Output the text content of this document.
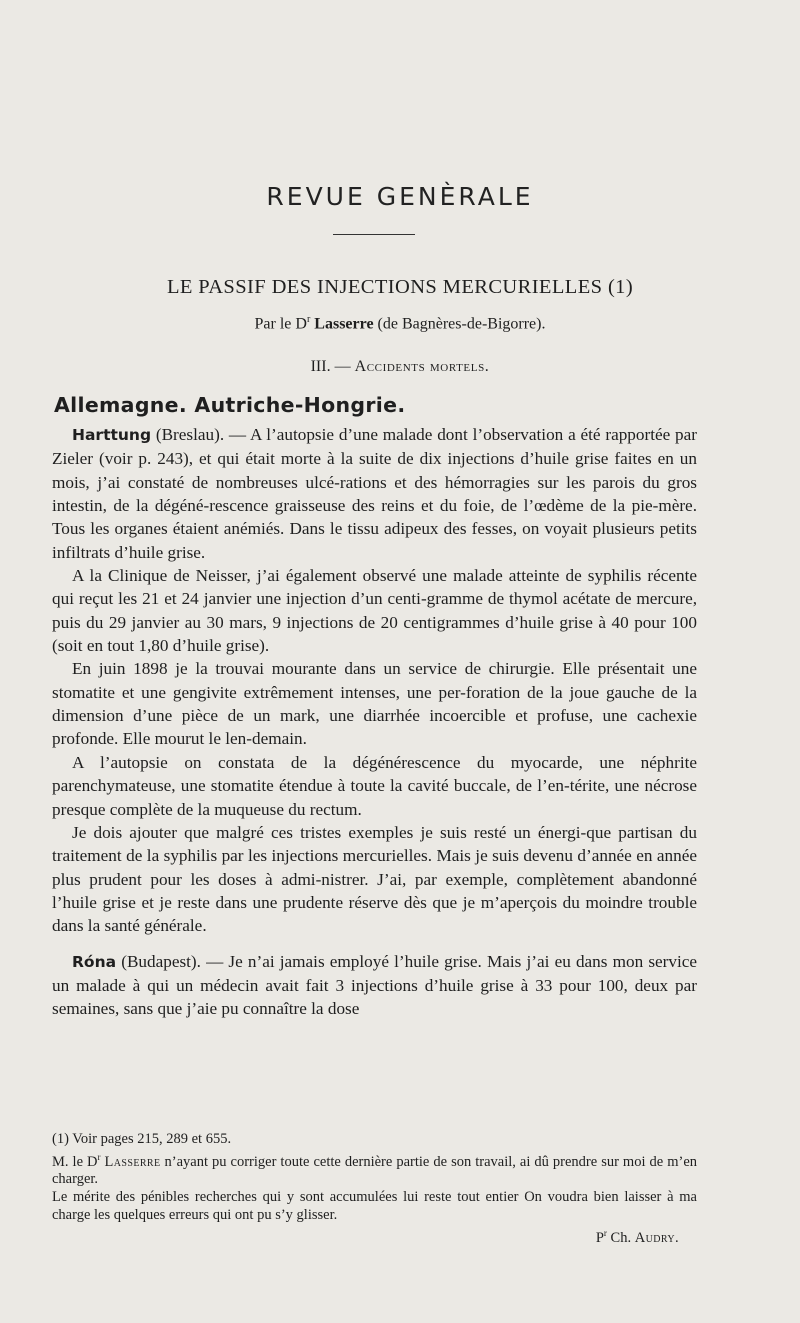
REVUE GENÈRALE
LE PASSIF DES INJECTIONS MERCURIELLES (1)
Par le $D^r$ Lasserre (de Bagnères-de-Bigorre).
III. — Accidents mortels.
Allemagne. Autriche-Hongrie.

Harttung (Breslau). — A l’autopsie d’une malade dont l’observation a été rapportée par Zieler (voir p. 243), et qui était morte à la suite de dix injections d’huile grise faites en un mois, j’ai constaté de nombreuses ulcé-rations et des hémorragies sur les parois du gros intestin, de la dégéné-rescence graisseuse des reins et du foie, de l’œdème de la pie-mère. Tous les organes étaient anémiés. Dans le tissu adipeux des fesses, on voyait plusieurs petits infiltrats d’huile grise.

A la Clinique de Neisser, j’ai également observé une malade atteinte de syphilis récente qui reçut les 21 et 24 janvier une injection d’un centi-gramme de thymol acétate de mercure, puis du 29 janvier au 30 mars, 9 injections de 20 centigrammes d’huile grise à 40 pour 100 (soit en tout 1,80 d’huile grise).

En juin 1898 je la trouvai mourante dans un service de chirurgie. Elle présentait une stomatite et une gengivite extrêmement intenses, une per-foration de la joue gauche de la dimension d’une pièce de un mark, une diarrhée incoercible et profuse, une cachexie profonde. Elle mourut le len-demain.

A l’autopsie on constata de la dégénérescence du myocarde, une néphrite parenchymateuse, une stomatite étendue à toute la cavité buccale, de l’en-térite, une nécrose presque complète de la muqueuse du rectum.

Je dois ajouter que malgré ces tristes exemples je suis resté un énergi-que partisan du traitement de la syphilis par les injections mercurielles. Mais je suis devenu d’année en année plus prudent pour les doses à admi-nistrer. J’ai, par exemple, complètement abandonné l’huile grise et je reste dans une prudente réserve dès que je m’aperçois du moindre trouble dans la santé générale.

Róna (Budapest). — Je n’ai jamais employé l’huile grise. Mais j’ai eu dans mon service un malade à qui un médecin avait fait 3 injections d’huile grise à 33 pour 100, deux par semaines, sans que j’aie pu connaître la dose

(1) Voir pages 215, 289 et 655.

M. le $D^r$ Lasserre n’ayant pu corriger toute cette dernière partie de son travail, ai dû prendre sur moi de m’en charger.

Le mérite des pénibles recherches qui y sont accumulées lui reste tout entier On voudra bien laisser à ma charge les quelques erreurs qui ont pu s’y glisser.

$P^r$ Ch. Audry.
